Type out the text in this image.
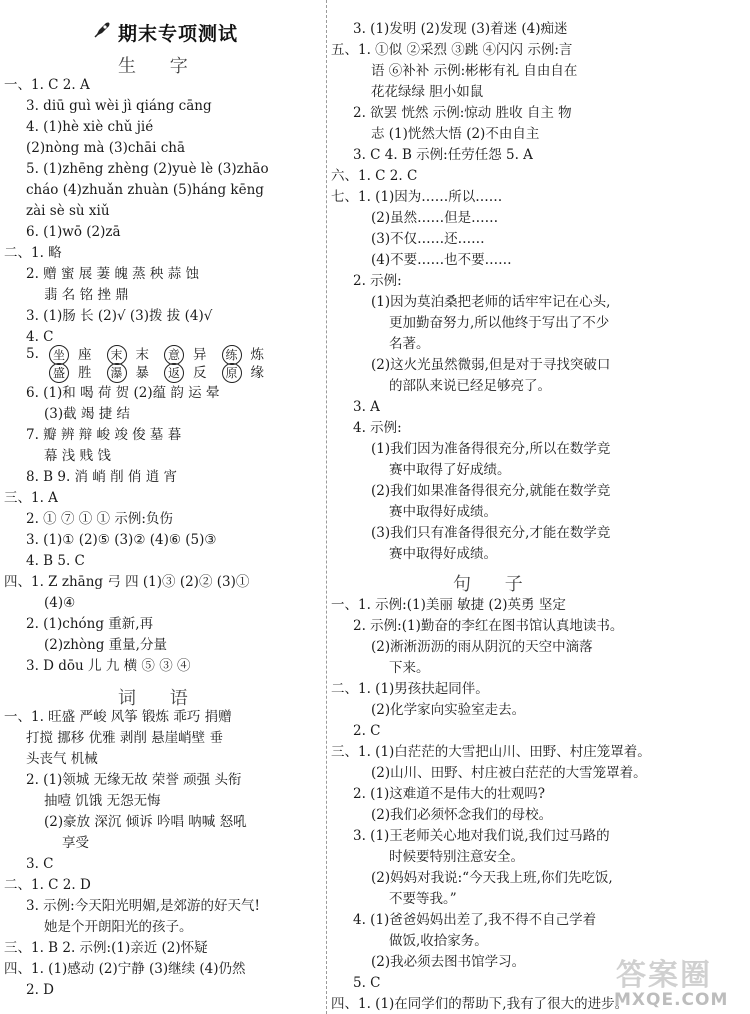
期末专项测试
生 字
词 语
一、1. C 2. A
3. diū guì wèi jì qiáng cāng
4. (1)hè xiè chǔ jié
(2)nòng mà (3)chāi chā
5. (1)zhēng zhèng (2)yuè lè (3)zhāo
cháo (4)zhuǎn zhuàn (5)háng kēng
zài sè sù xiǔ
6. (1)wō (2)zā
二、1. 略
2. 赠 蜜 展 萋 魄 蒸 秧 蒜 蚀
翡 名 铭 挫 鼎
3. (1)肠 长 (2)√ (3)拨 拔 (4)√
4. C
6. (1)和 喝 荷 贺 (2)蕴 韵 运 晕
(3)截 竭 捷 结
7. 瓣 辨 辩 峻 竣 俊 墓 暮
幕 浅 贱 饯
8. B 9. 消 峭 削 俏 逍 宵
三、1. A
2. ① ⑦ ① ① 示例:负伤
3. (1)① (2)⑤ (3)② (4)⑥ (5)③
4. B 5. C
四、1. Z zhāng 弓 四 (1)③ (2)② (3)①
(4)④
2. (1)chóng 重新,再
(2)zhòng 重量,分量
3. D dōu 儿 九 横 ⑤ ③ ④
一、1. 旺盛 严峻 风筝 锻炼 乖巧 捐赠
打搅 挪移 优雅 剥削 悬崖峭壁 垂
头丧气 机械
2. (1)领城 无缘无故 荣誉 顽强 头衔
抽噎 饥饿 无怨无悔
(2)豪放 深沉 倾诉 吟唱 呐喊 怒吼
享受
3. C
二、1. C 2. D
3. 示例:今天阳光明媚,是郊游的好天气!
她是个开朗阳光的孩子。
三、1. B 2. 示例:(1)亲近 (2)怀疑
四、1. (1)感动 (2)宁静 (3)继续 (4)仍然
2. D
5.	坐 座 末 末 意 异 练 炼
盛 胜 瀑 暴 返 反 原 缘
句 子
3. (1)发明 (2)发现 (3)着迷 (4)痴迷
五、1. ①似 ②采烈 ③跳 ④闪闪 示例:言
语 ⑥补补 示例:彬彬有礼 自由自在
花花绿绿 胆小如鼠
2. 欲罢 恍然 示例:惊动 胜收 自主 物
志 (1)恍然大悟 (2)不由自主
3. C 4. B 示例:任劳任怨 5. A
六、1. C 2. C
七、1. (1)因为……所以……
(2)虽然……但是……
(3)不仅……还……
(4)不要……也不要……
2. 示例:
(1)因为莫泊桑把老师的话牢牢记在心头,
更加勤奋努力,所以他终于写出了不少
名著。
(2)这火光虽然微弱,但是对于寻找突破口
的部队来说已经足够亮了。
3. A
4. 示例:
(1)我们因为准备得很充分,所以在数学竞
赛中取得了好成绩。
(2)我们如果准备得很充分,就能在数学竞
赛中取得好成绩。
(3)我们只有准备得很充分,才能在数学竞
赛中取得好成绩。
一、1. 示例:(1)美丽 敏捷 (2)英勇 坚定
2. 示例:(1)勤奋的李红在图书馆认真地读书。
(2)淅淅沥沥的雨从阴沉的天空中滴落
下来。
二、1. (1)男孩扶起同伴。
(2)化学家向实验室走去。
2. C
三、1. (1)白茫茫的大雪把山川、田野、村庄笼罩着。
(2)山川、田野、村庄被白茫茫的大雪笼罩着。
2. (1)这难道不是伟大的壮观吗?
(2)我们必须怀念我们的母校。
3. (1)王老师关心地对我们说,我们过马路的
时候要特别注意安全。
(2)妈妈对我说:“今天我上班,你们先吃饭,
不要等我。”
4. (1)爸爸妈妈出差了,我不得不自己学着
做饭,收拾家务。
(2)我必须去图书馆学习。
5. C
四、1. (1)在同学们的帮助下,我有了很大的进步。
答案圈
MXQE.COM
